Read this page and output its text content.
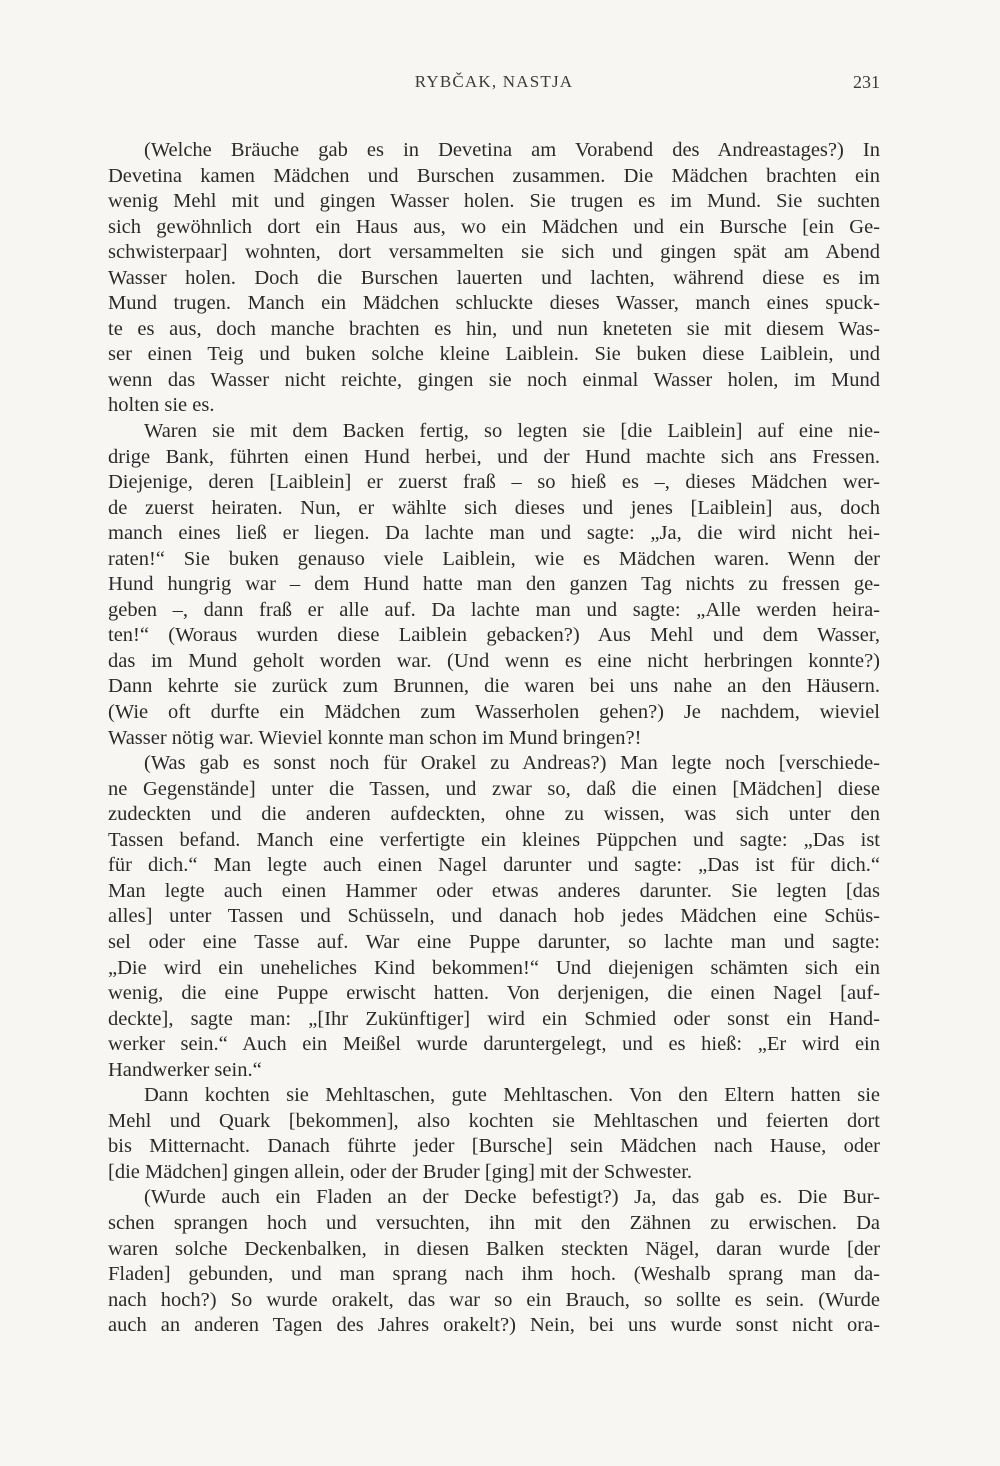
RYBČAK, NASTJA	231
(Welche Bräuche gab es in Devetina am Vorabend des Andreastages?) In
Devetina kamen Mädchen und Burschen zusammen. Die Mädchen brachten ein
wenig Mehl mit und gingen Wasser holen. Sie trugen es im Mund. Sie suchten
sich gewöhnlich dort ein Haus aus, wo ein Mädchen und ein Bursche [ein Ge-
schwisterpaar] wohnten, dort versammelten sie sich und gingen spät am Abend
Wasser holen. Doch die Burschen lauerten und lachten, während diese es im
Mund trugen. Manch ein Mädchen schluckte dieses Wasser, manch eines spuck-
te es aus, doch manche brachten es hin, und nun kneteten sie mit diesem Was-
ser einen Teig und buken solche kleine Laiblein. Sie buken diese Laiblein, und
wenn das Wasser nicht reichte, gingen sie noch einmal Wasser holen, im Mund
holten sie es.
Waren sie mit dem Backen fertig, so legten sie [die Laiblein] auf eine nie-
drige Bank, führten einen Hund herbei, und der Hund machte sich ans Fressen.
Diejenige, deren [Laiblein] er zuerst fraß – so hieß es –, dieses Mädchen wer-
de zuerst heiraten. Nun, er wählte sich dieses und jenes [Laiblein] aus, doch
manch eines ließ er liegen. Da lachte man und sagte: „Ja, die wird nicht hei-
raten!“ Sie buken genauso viele Laiblein, wie es Mädchen waren. Wenn der
Hund hungrig war – dem Hund hatte man den ganzen Tag nichts zu fressen ge-
geben –, dann fraß er alle auf. Da lachte man und sagte: „Alle werden heira-
ten!“ (Woraus wurden diese Laiblein gebacken?) Aus Mehl und dem Wasser,
das im Mund geholt worden war. (Und wenn es eine nicht herbringen konnte?)
Dann kehrte sie zurück zum Brunnen, die waren bei uns nahe an den Häusern.
(Wie oft durfte ein Mädchen zum Wasserholen gehen?) Je nachdem, wieviel
Wasser nötig war. Wieviel konnte man schon im Mund bringen?!
(Was gab es sonst noch für Orakel zu Andreas?) Man legte noch [verschiede-
ne Gegenstände] unter die Tassen, und zwar so, daß die einen [Mädchen] diese
zudeckten und die anderen aufdeckten, ohne zu wissen, was sich unter den
Tassen befand. Manch eine verfertigte ein kleines Püppchen und sagte: „Das ist
für dich.“ Man legte auch einen Nagel darunter und sagte: „Das ist für dich.“
Man legte auch einen Hammer oder etwas anderes darunter. Sie legten [das
alles] unter Tassen und Schüsseln, und danach hob jedes Mädchen eine Schüs-
sel oder eine Tasse auf. War eine Puppe darunter, so lachte man und sagte:
„Die wird ein uneheliches Kind bekommen!“ Und diejenigen schämten sich ein
wenig, die eine Puppe erwischt hatten. Von derjenigen, die einen Nagel [auf-
deckte], sagte man: „[Ihr Zukünftiger] wird ein Schmied oder sonst ein Hand-
werker sein.“ Auch ein Meißel wurde daruntergelegt, und es hieß: „Er wird ein
Handwerker sein.“
Dann kochten sie Mehltaschen, gute Mehltaschen. Von den Eltern hatten sie
Mehl und Quark [bekommen], also kochten sie Mehltaschen und feierten dort
bis Mitternacht. Danach führte jeder [Bursche] sein Mädchen nach Hause, oder
[die Mädchen] gingen allein, oder der Bruder [ging] mit der Schwester.
(Wurde auch ein Fladen an der Decke befestigt?) Ja, das gab es. Die Bur-
schen sprangen hoch und versuchten, ihn mit den Zähnen zu erwischen. Da
waren solche Deckenbalken, in diesen Balken steckten Nägel, daran wurde [der
Fladen] gebunden, und man sprang nach ihm hoch. (Weshalb sprang man da-
nach hoch?) So wurde orakelt, das war so ein Brauch, so sollte es sein. (Wurde
auch an anderen Tagen des Jahres orakelt?) Nein, bei uns wurde sonst nicht ora-
